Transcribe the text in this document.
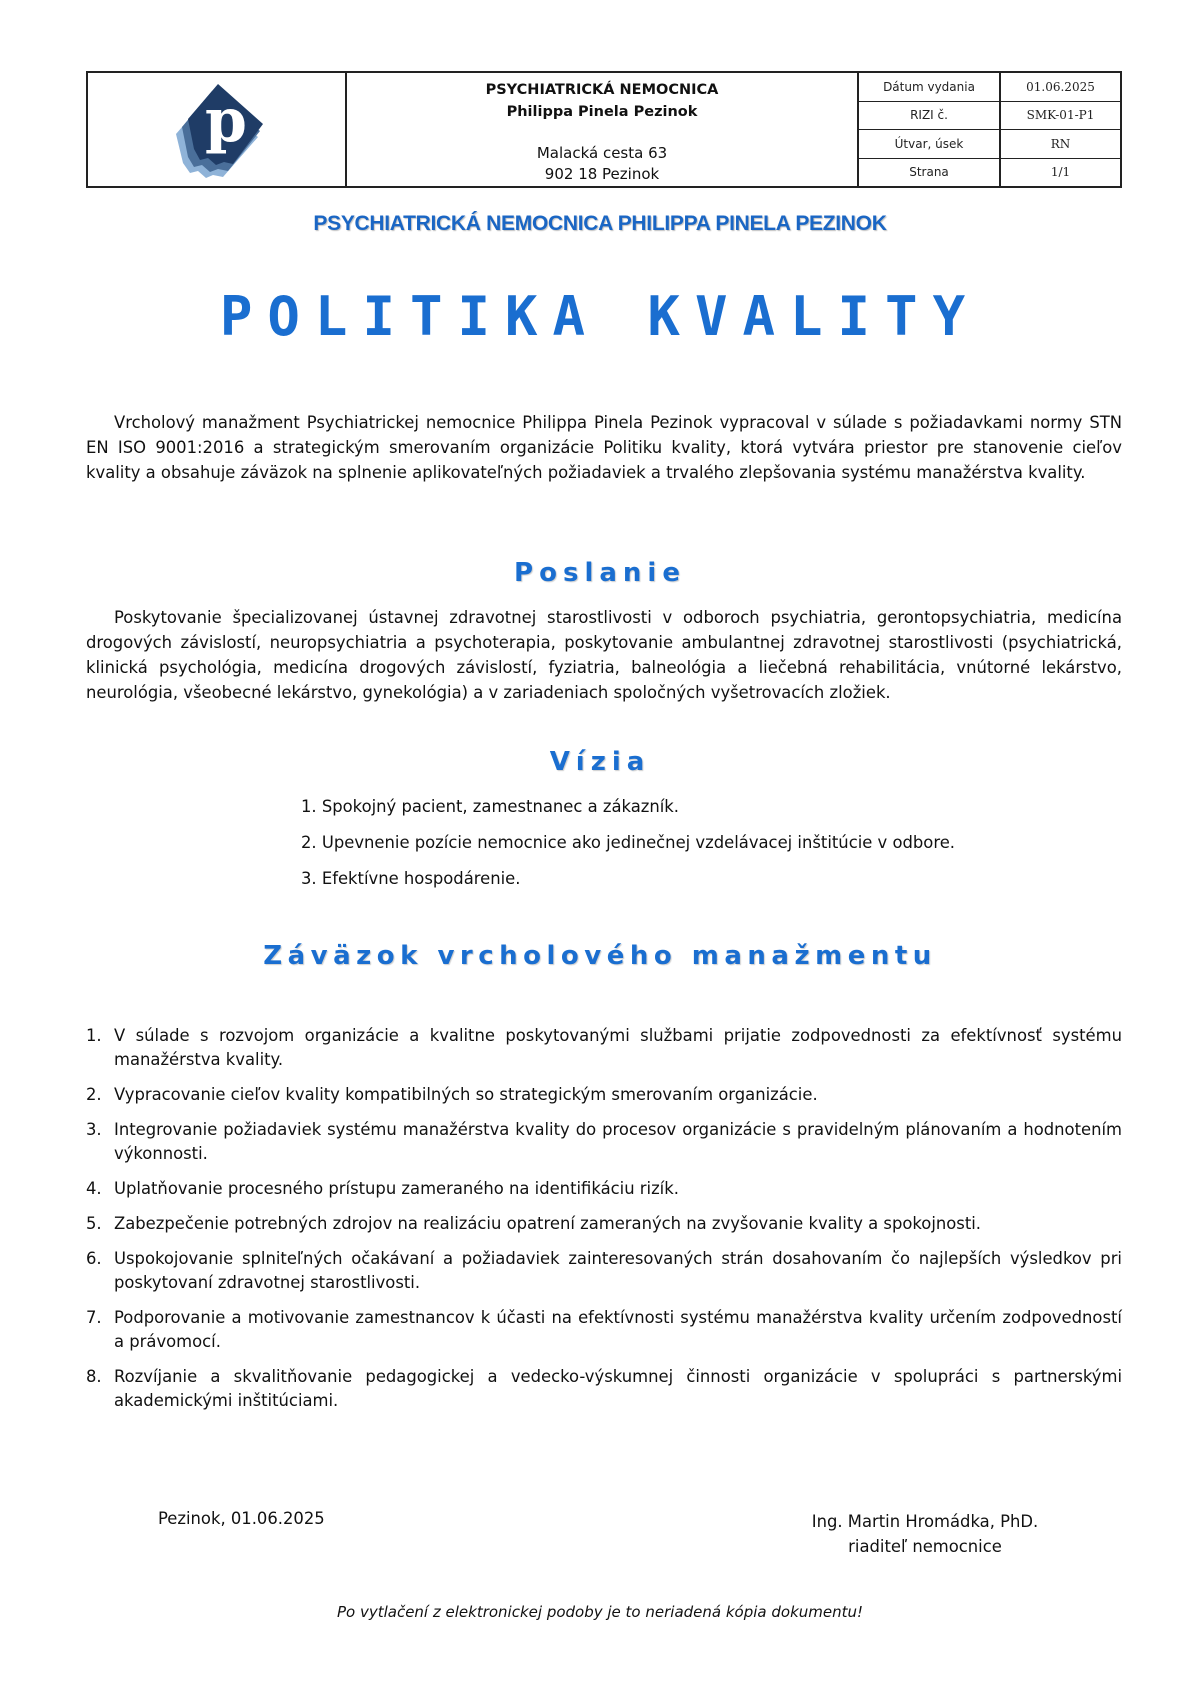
p	PSYCHIATRICKÁ NEMOCNICA
Philippa Pinela Pezinok
Malacká cesta 63
902 18 Pezinok
Dátum vydania	01.06.2025
RIZI č.	SMK-01-P1
Útvar, úsek	RN
Strana	1/1
PSYCHIATRICKÁ NEMOCNICA PHILIPPA PINELA PEZINOK
POLITIKA KVALITY
Vrcholový manažment Psychiatrickej nemocnice Philippa Pinela Pezinok vypracoval v súlade s požiadavkami normy STN EN ISO 9001:2016 a strategickým smerovaním organizácie Politiku kvality, ktorá vytvára priestor pre stanovenie cieľov kvality a obsahuje záväzok na splnenie aplikovateľných požiadaviek a trvalého zlepšovania systému manažérstva kvality.
Poslanie
Poskytovanie špecializovanej ústavnej zdravotnej starostlivosti v odboroch psychiatria, gerontopsychiatria, medicína drogových závislostí, neuropsychiatria a psychoterapia, poskytovanie ambulantnej zdravotnej starostlivosti (psychiatrická, klinická psychológia, medicína drogových závislostí, fyziatria, balneológia a liečebná rehabilitácia, vnútorné lekárstvo, neurológia, všeobecné lekárstvo, gynekológia) a v zariadeniach spoločných vyšetrovacích zložiek.
Vízia
1. Spokojný pacient, zamestnanec a zákazník.
2. Upevnenie pozície nemocnice ako jedinečnej vzdelávacej inštitúcie v odbore.
3. Efektívne hospodárenie.
Záväzok vrcholového manažmentu
1. V súlade s rozvojom organizácie a kvalitne poskytovanými službami prijatie zodpovednosti za efektívnosť systému manažérstva kvality.
2. Vypracovanie cieľov kvality kompatibilných so strategickým smerovaním organizácie.
3. Integrovanie požiadaviek systému manažérstva kvality do procesov organizácie s pravidelným plánovaním a hodnotením výkonnosti.
4. Uplatňovanie procesného prístupu zameraného na identifikáciu rizík.
5. Zabezpečenie potrebných zdrojov na realizáciu opatrení zameraných na zvyšovanie kvality a spokojnosti.
6. Uspokojovanie splniteľných očakávaní a požiadaviek zainteresovaných strán dosahovaním čo najlepších výsledkov pri poskytovaní zdravotnej starostlivosti.
7. Podporovanie a motivovanie zamestnancov k účasti na efektívnosti systému manažérstva kvality určením zodpovedností a právomocí.
8. Rozvíjanie a skvalitňovanie pedagogickej a vedecko-výskumnej činnosti organizácie v spolupráci s partnerskými akademickými inštitúciami.
Pezinok, 01.06.2025	Ing. Martin Hromádka, PhD.
riaditeľ nemocnice
Po vytlačení z elektronickej podoby je to neriadená kópia dokumentu!
